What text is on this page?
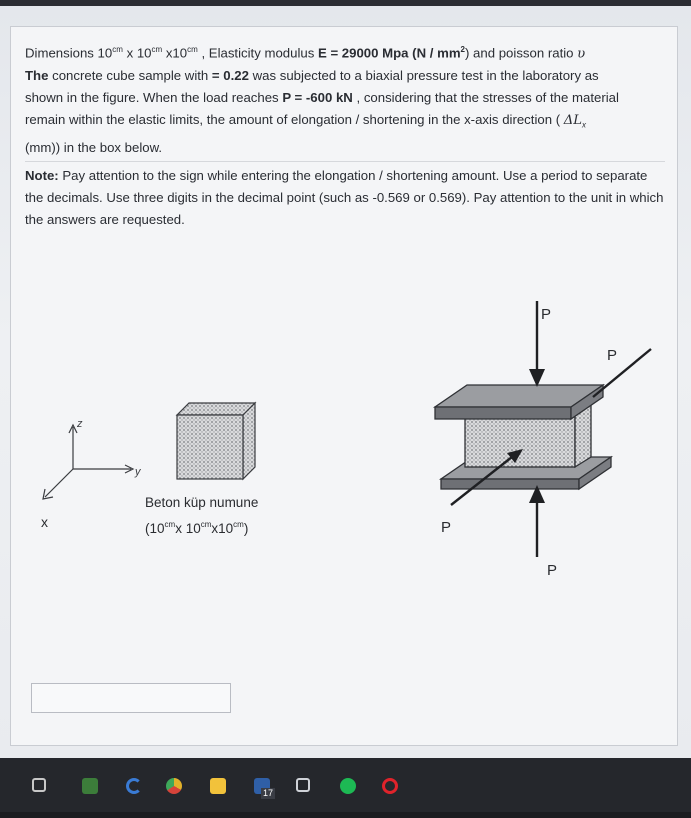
Dimensions $10^{cm}$ x $10^{cm}$ $x10^{cm}$ , Elasticity modulus E = 29000 Mpa $(N / mm^2)$ and poisson ratio υ
The concrete cube sample with = 0.22 was subjected to a biaxial pressure test in the laboratory as
shown in the figure. When the load reaches P = -600 kN , considering that the stresses of the material
remain within the elastic limits, the amount of elongation / shortening in the x-axis direction ( $\Delta L_x$
(mm)) in the box below.
Note: Pay attention to the sign while entering the elongation / shortening amount. Use a period to separate the decimals. Use three digits in the decimal point (such as -0.569 or 0.569). Pay attention to the unit in which the answers are requested.
z
y
x
Beton küp numune
($10^{cm}x$ $10^{cm}x10^{cm}$)
P
P
P
P
17
